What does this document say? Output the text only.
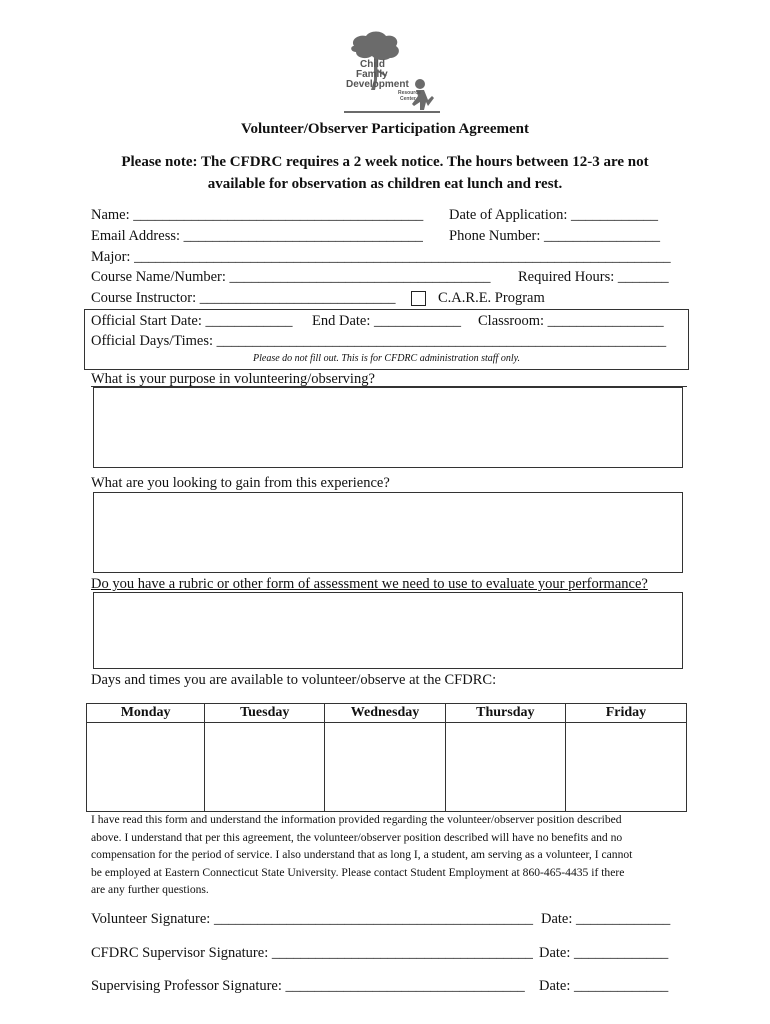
Child
Family
Development
Resource
Center
Volunteer/Observer Participation Agreement
Please note: The CFDRC requires a 2 week notice. The hours between 12-3 are not
available for observation as children eat lunch and rest.
Name: ________________________________________ Date of Application: ____________
Email Address: _________________________________ Phone Number: ________________
Major: __________________________________________________________________________
Course Name/Number: ____________________________________ Required Hours: _______
Course Instructor: ___________________________	C.A.R.E. Program
Official Start Date: ____________ End Date: ____________ Classroom: ________________
Official Days/Times: ______________________________________________________________
Please do not fill out. This is for CFDRC administration staff only.
What is your purpose in volunteering/observing?
What are you looking to gain from this experience?
Do you have a rubric or other form of assessment we need to use to evaluate your performance?
Days and times you are available to volunteer/observe at the CFDRC:
Monday	Tuesday	Wednesday	Thursday	Friday

I have read this form and understand the information provided regarding the volunteer/observer position described
above. I understand that per this agreement, the volunteer/observer position described will have no benefits and no
compensation for the period of service. I also understand that as long I, a student, am serving as a volunteer, I cannot
be employed at Eastern Connecticut State University. Please contact Student Employment at 860-465-4435 if there
are any further questions.
Volunteer Signature: ____________________________________________ Date: _____________
CFDRC Supervisor Signature: ____________________________________ Date: _____________
Supervising Professor Signature: _________________________________ Date: _____________
